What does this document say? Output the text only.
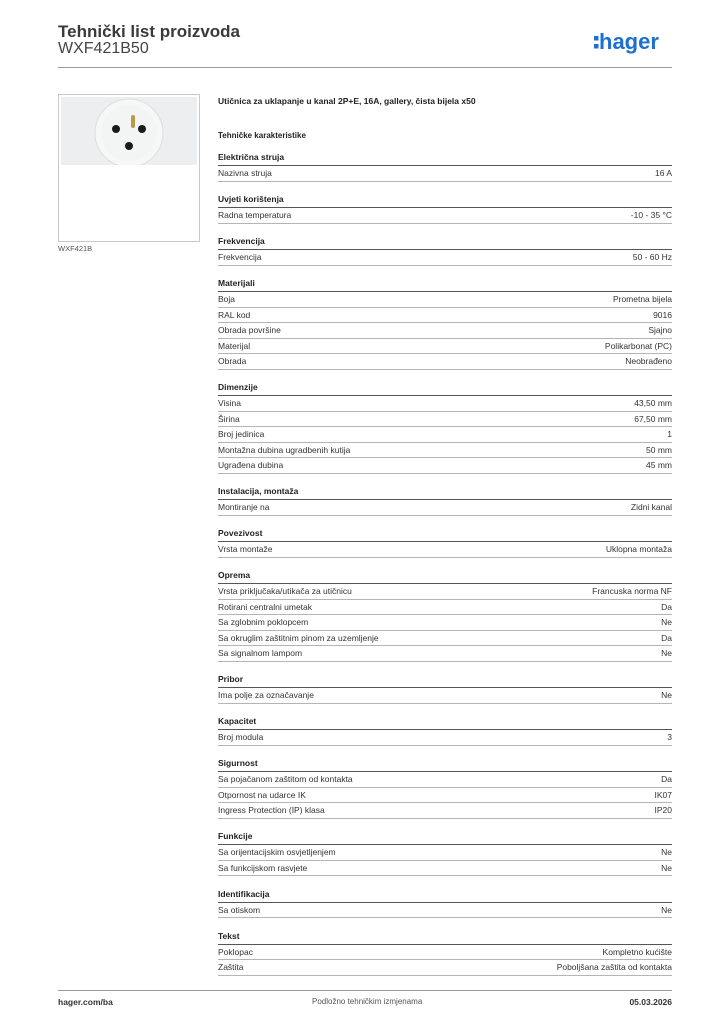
Tehnički list proizvoda
WXF421B50	hager
WXF421B
Utičnica za uklapanje u kanal 2P+E, 16A, gallery, čista bijela x50
Tehničke karakteristike
Električna struja
Nazivna struja	16 A
Uvjeti korištenja
Radna temperatura	-10 - 35 °C
Frekvencija
Frekvencija	50 - 60 Hz
Materijali
Boja	Prometna bijela
RAL kod	9016
Obrada površine	Sjajno
Materijal	Polikarbonat (PC)
Obrada	Neobrađeno
Dimenzije
Visina	43,50 mm
Širina	67,50 mm
Broj jedinica	1
Montažna dubina ugradbenih kutija	50 mm
Ugrađena dubina	45 mm
Instalacija, montaža
Montiranje na	Zidni kanal
Povezivost
Vrsta montaže	Uklopna montaža
Oprema
Vrsta priključaka/utikača za utičnicu	Francuska norma NF
Rotirani centralni umetak	Da
Sa zglobnim poklopcem	Ne
Sa okruglim zaštitnim pinom za uzemljenje	Da
Sa signalnom lampom	Ne
Pribor
Ima polje za označavanje	Ne
Kapacitet
Broj modula	3
Sigurnost
Sa pojačanom zaštitom od kontakta	Da
Otpornost na udarce IK	IK07
Ingress Protection (IP) klasa	IP20
Funkcije
Sa orijentacijskim osvjetljenjem	Ne
Sa funkcijskom rasvjete	Ne
Identifikacija
Sa otiskom	Ne
Tekst
Poklopac	Kompletno kućište
Zaštita	Poboljšana zaštita od kontakta
hager.com/ba	Podložno tehničkim izmjenama	05.03.2026
